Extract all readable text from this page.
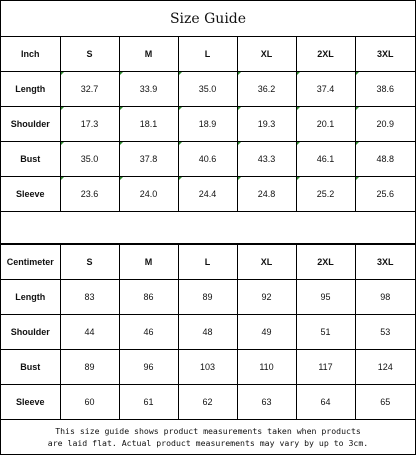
Size Guide
Inch	S	M	L	XL	2XL	3XL
Length	32.7	33.9	35.0	36.2	37.4	38.6
Shoulder	17.3	18.1	18.9	19.3	20.1	20.9
Bust	35.0	37.8	40.6	43.3	46.1	48.8
Sleeve	23.6	24.0	24.4	24.8	25.2	25.6
Centimeter	S	M	L	XL	2XL	3XL
Length	83	86	89	92	95	98
Shoulder	44	46	48	49	51	53
Bust	89	96	103	110	117	124
Sleeve	60	61	62	63	64	65
This size guide shows product measurements taken when products
are laid flat. Actual product measurements may vary by up to 3cm.
